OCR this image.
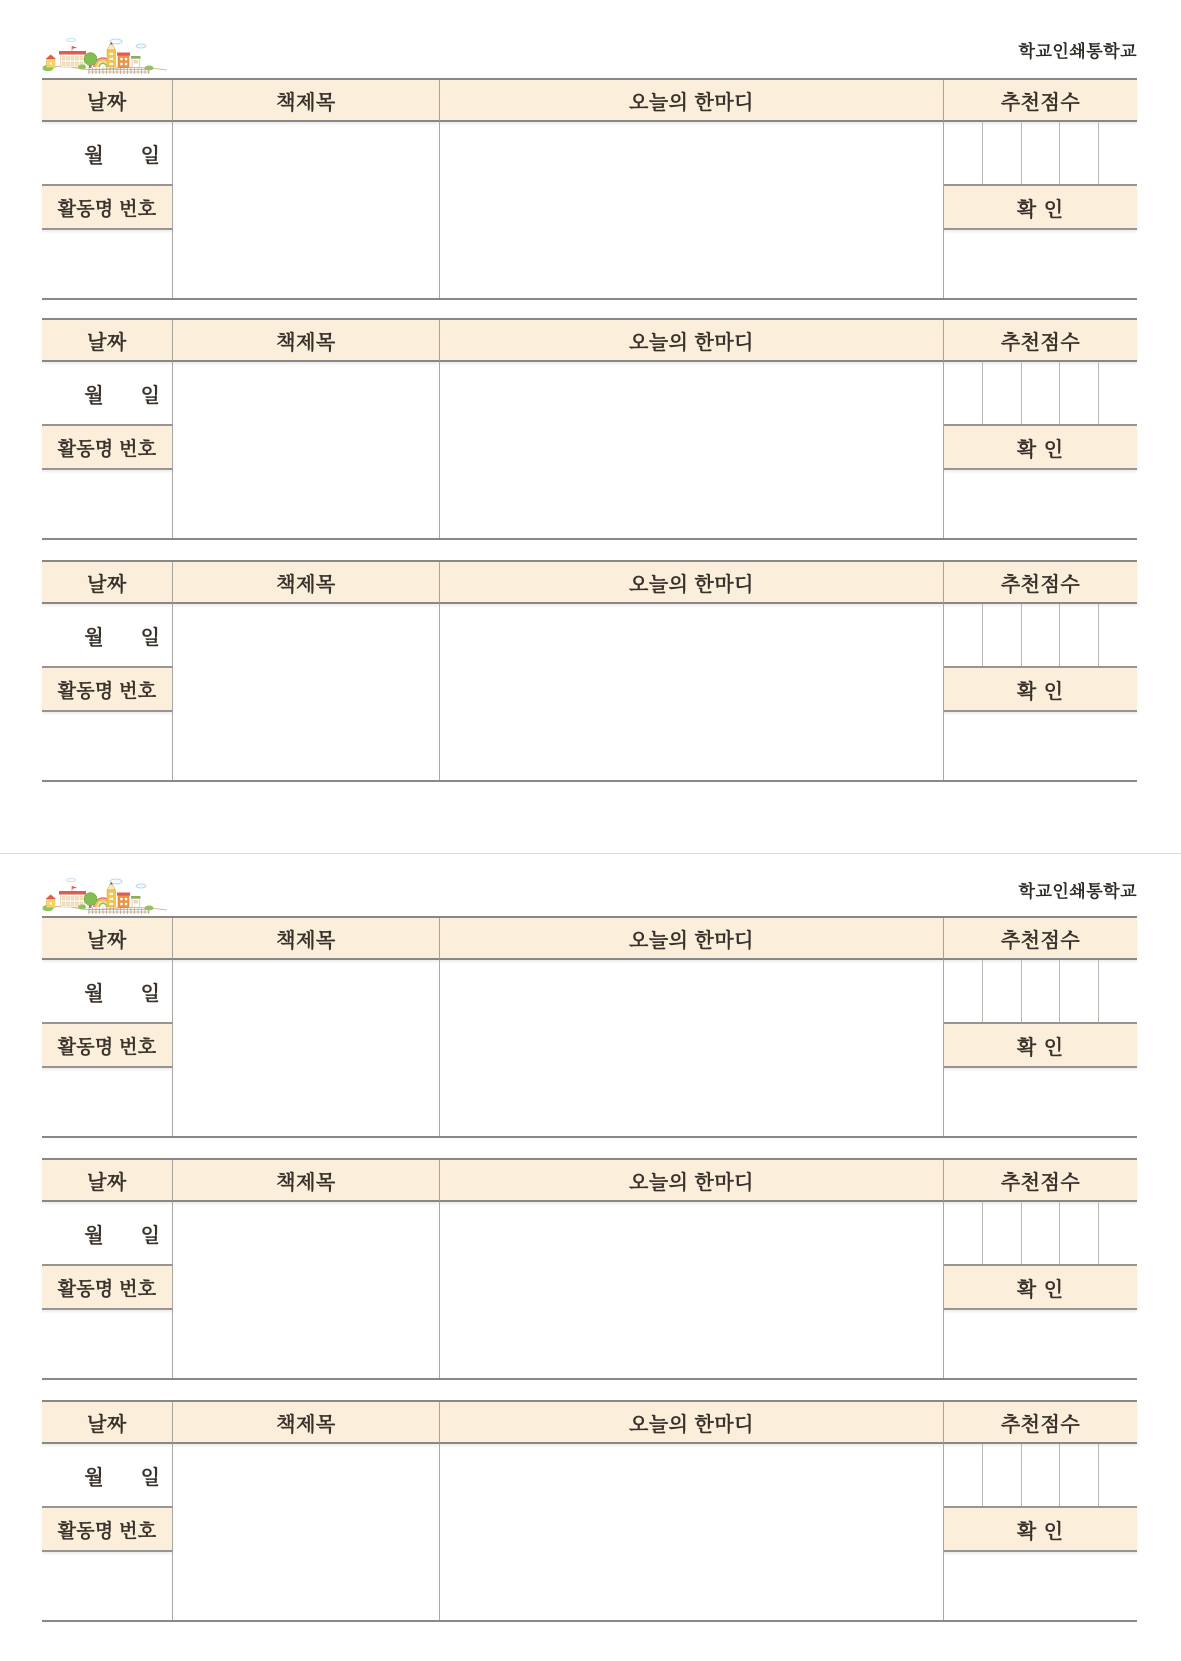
학교인쇄통학교
학교인쇄통학교
날짜	책제목	오늘의 한마디	추천점수
월 일
활동명 번호	확 인
날짜	책제목	오늘의 한마디	추천점수
월 일
활동명 번호	확 인
날짜	책제목	오늘의 한마디	추천점수
월 일
활동명 번호	확 인
날짜	책제목	오늘의 한마디	추천점수
월 일
활동명 번호	확 인
날짜	책제목	오늘의 한마디	추천점수
월 일
활동명 번호	확 인
날짜	책제목	오늘의 한마디	추천점수
월 일
활동명 번호	확 인
